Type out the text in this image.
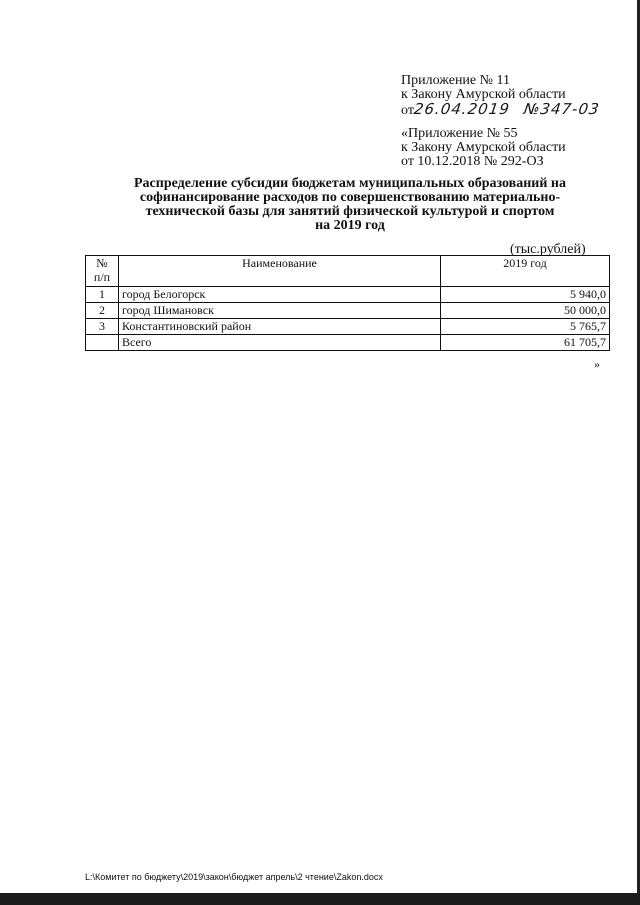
Приложение № 11
к Закону Амурской области
от26.04.2019 №347-03
«Приложение № 55
к Закону Амурской области
от 10.12.2018 № 292-ОЗ
Распределение субсидии бюджетам муниципальных образований на
софинансирование расходов по совершенствованию материально-
технической базы для занятий физической культурой и спортом
на 2019 год
(тыс.рублей)
№
п/п	Наименование	2019 год
1	город Белогорск	5 940,0
2	город Шимановск	50 000,0
3	Константиновский район	5 765,7
	Всего	61 705,7
»
L:\Комитет по бюджету\2019\закон\бюджет апрель\2 чтение\Zakon.docx
